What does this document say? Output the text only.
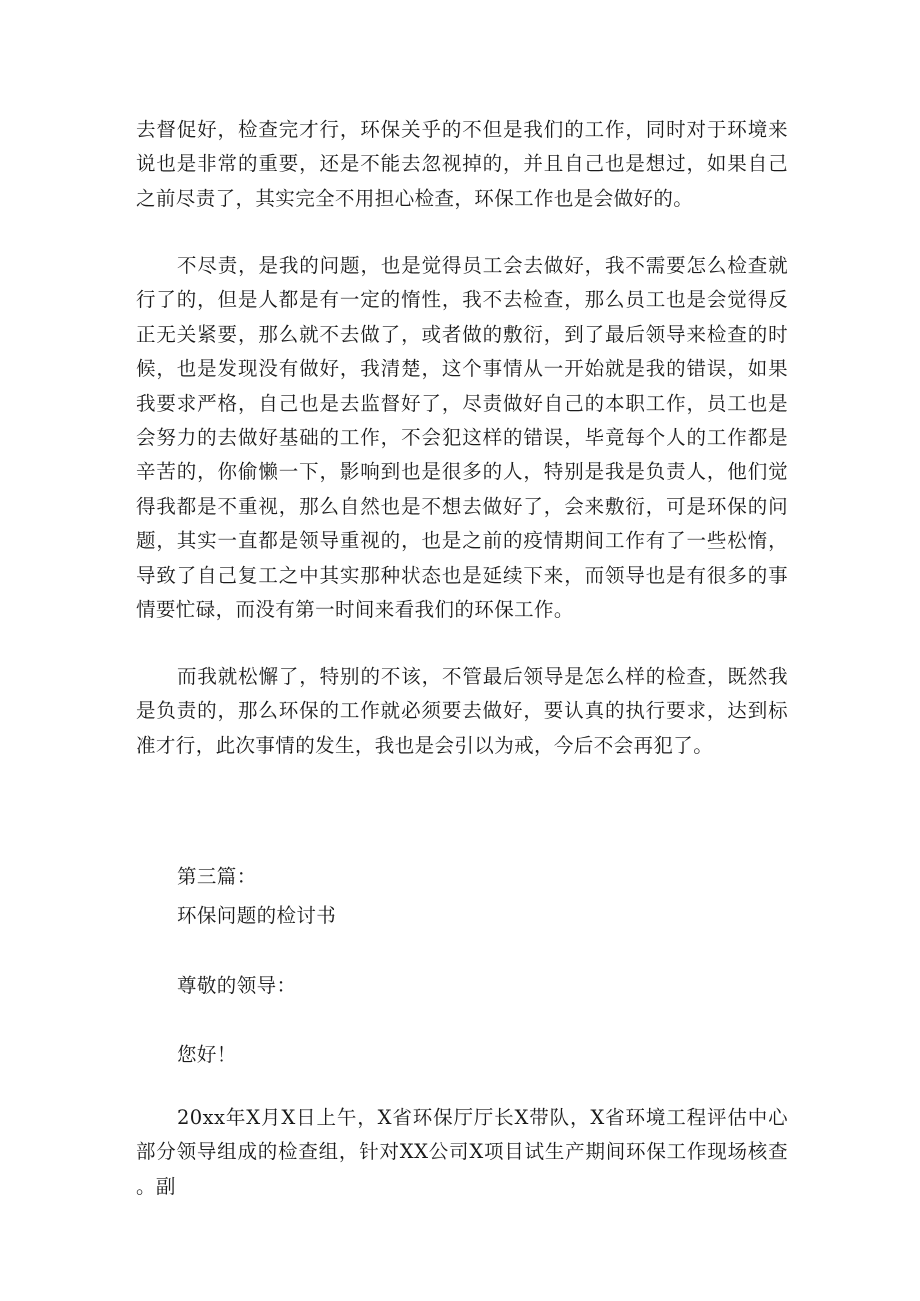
去督促好，检查完才行，环保关乎的不但是我们的工作，同时对于环境来说也是非常的重要，还是不能去忽视掉的，并且自己也是想过，如果自己之前尽责了，其实完全不用担心检查，环保工作也是会做好的。

不尽责，是我的问题，也是觉得员工会去做好，我不需要怎么检查就行了的，但是人都是有一定的惰性，我不去检查，那么员工也是会觉得反正无关紧要，那么就不去做了，或者做的敷衍，到了最后领导来检查的时候，也是发现没有做好，我清楚，这个事情从一开始就是我的错误，如果我要求严格，自己也是去监督好了，尽责做好自己的本职工作，员工也是会努力的去做好基础的工作，不会犯这样的错误，毕竟每个人的工作都是辛苦的，你偷懒一下，影响到也是很多的人，特别是我是负责人，他们觉得我都是不重视，那么自然也是不想去做好了，会来敷衍，可是环保的问题，其实一直都是领导重视的，也是之前的疫情期间工作有了一些松惰，导致了自己复工之中其实那种状态也是延续下来，而领导也是有很多的事情要忙碌，而没有第一时间来看我们的环保工作。

而我就松懈了，特别的不该，不管最后领导是怎么样的检查，既然我是负责的，那么环保的工作就必须要去做好，要认真的执行要求，达到标准才行，此次事情的发生，我也是会引以为戒，今后不会再犯了。

第三篇：

环保问题的检讨书

尊敬的领导：

您好！

20xx年X月X日上午，X省环保厅厅长X带队，X省环境工程评估中心部分领导组成的检查组，针对XX公司X项目试生产期间环保工作现场核查。副
